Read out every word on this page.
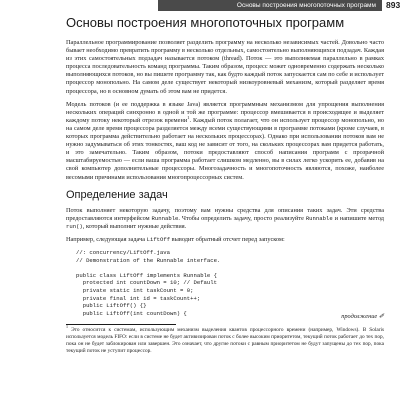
Основы построения многопоточных программ	893
Основы построения многопоточных программ

Параллельное программирование позволяет разделить программу на несколько независимых частей. Довольно часто бывает необходимо превратить программу в несколько отдельных, самостоятельно выполняющихся подзадач. Каждая из этих самостоятельных подзадач называется потоком (thread). Поток — это выполняемая параллельно в рамках процесса последовательность команд программы. Таким образом, процесс может одновременно содержать несколько выполняющихся потоков, но вы пишете программу так, как будто каждый поток запускается сам по себе и использует процессор монопольно. На самом деле существует некоторый низкоуровневый механизм, который разделяет время процессора, но в основном думать об этом вам не придется.

Модель потоков (и ее поддержка в языке Java) является программным механизмом для упрощения выполнения нескольких операций синхронно в одной и той же программе: процессор вмешивается в происходящее и выделяет каждому потоку некоторый отрезок времени$^1$. Каждый поток полагает, что он использует процессор монопольно, но на самом деле время процессора разделяется между всеми существующими в программе потоками (кроме случаев, в которых программа действительно работает на нескольких процессорах). Однако при использовании потоков вам не нужно задумываться об этих тонкостях, ваш код не зависит от того, на скольких процессорах вам придется работать, и это замечательно. Таким образом, потоки предоставляют способ написания программ с прозрачной масштабируемостью — если ваша программа работает слишком медленно, вы в силах легко ускорить ее, добавив на свой компьютер дополнительные процессоры. Многозадачность и многопоточность являются, похоже, наиболее весомыми причинами использования многопроцессорных систем.

Определение задач

Поток выполняет некоторую задачу, поэтому вам нужны средства для описания таких задач. Эти средства предоставляются интерфейсом Runnable. Чтобы определить задачу, просто реализуйте Runnable и напишите метод run(), который выполнит нужные действия.

Например, следующая задача LiftOff выводит обратный отсчет перед запуском:

//: concurrency/LiftOff.java
// Demonstration of the Runnable interface.

public class LiftOff implements Runnable {
protected int countDown = 10; // Default
private static int taskCount = 0;
private final int id = taskCount++;
public LiftOff() {}
public LiftOff(int countDown) {
продолжение ✐

$^1$ Это относится к системам, использующим механизм выделения квантов процессорного времени (например, Windows). В Solaris используется модель FIFO: если в системе не будет активизирован поток с более высоким приоритетом, текущий поток работает до тех пор, пока он не будет заблокирован или завершен. Это означает, что другие потоки с равным приоритетом не будут запущены до тех пор, пока текущий поток не уступит процессор.
